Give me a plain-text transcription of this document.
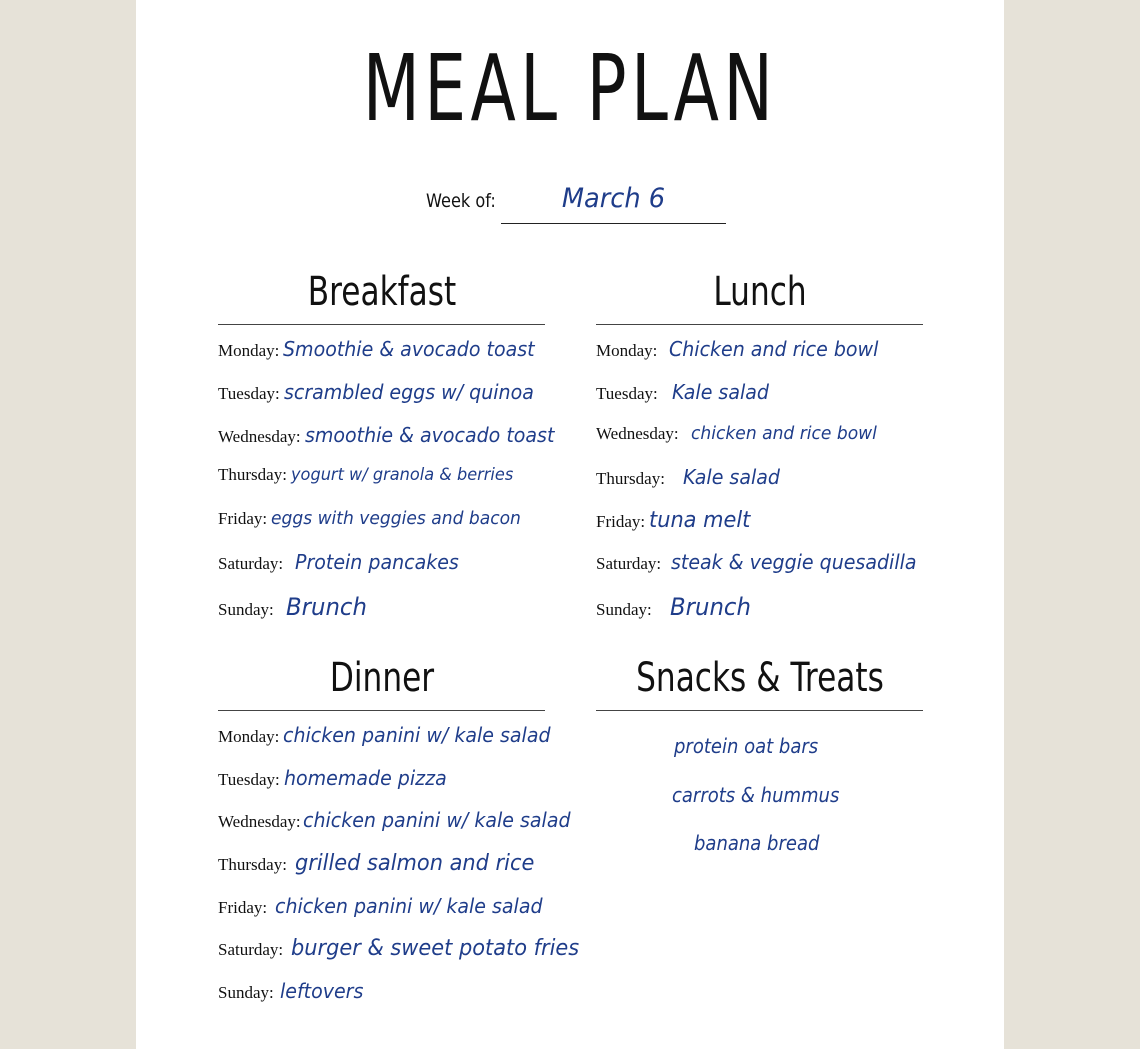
MEAL PLAN
Week of:	March 6
Breakfast
Monday: Smoothie & avocado toast
Tuesday: scrambled eggs w/ quinoa
Wednesday: smoothie & avocado toast
Thursday: yogurt w/ granola & berries
Friday: eggs with veggies and bacon
Saturday: Protein pancakes
Sunday: Brunch
Lunch
Monday: Chicken and rice bowl
Tuesday: Kale salad
Wednesday: chicken and rice bowl
Thursday: Kale salad
Friday: tuna melt
Saturday: steak & veggie quesadilla
Sunday: Brunch
Dinner
Monday: chicken panini w/ kale salad
Tuesday: homemade pizza
Wednesday: chicken panini w/ kale salad
Thursday: grilled salmon and rice
Friday: chicken panini w/ kale salad
Saturday: burger & sweet potato fries
Sunday: leftovers
Snacks & Treats
protein oat bars
carrots & hummus
banana bread
